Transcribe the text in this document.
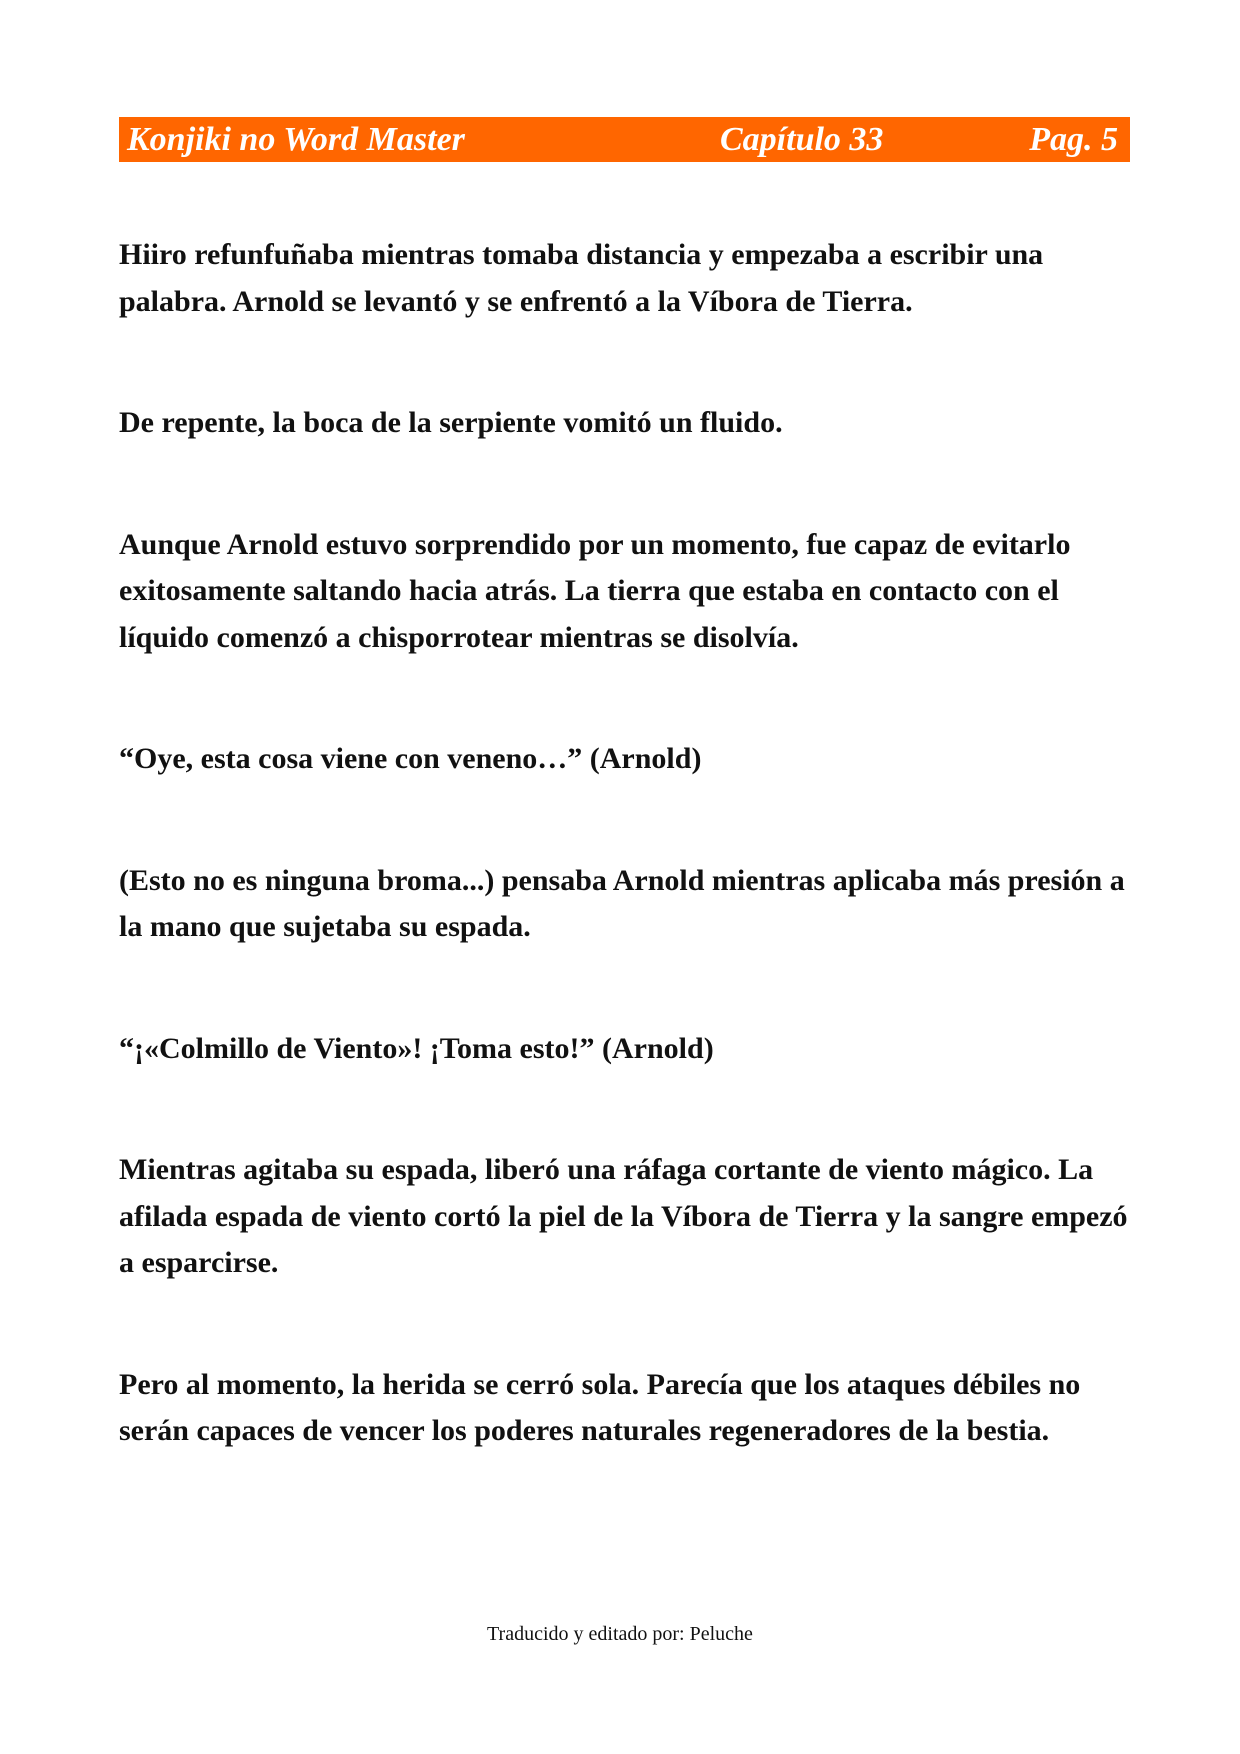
Konjiki no Word Master	Capítulo 33	Pag. 5

Hiiro refunfuñaba mientras tomaba distancia y empezaba a escribir una palabra. Arnold se levantó y se enfrentó a la Víbora de Tierra.

De repente, la boca de la serpiente vomitó un fluido.

Aunque Arnold estuvo sorprendido por un momento, fue capaz de evitarlo exitosamente saltando hacia atrás. La tierra que estaba en contacto con el líquido comenzó a chisporrotear mientras se disolvía.

“Oye, esta cosa viene con veneno…” (Arnold)

(Esto no es ninguna broma...) pensaba Arnold mientras aplicaba más presión a la mano que sujetaba su espada.

“¡«Colmillo de Viento»! ¡Toma esto!” (Arnold)

Mientras agitaba su espada, liberó una ráfaga cortante de viento mágico. La afilada espada de viento cortó la piel de la Víbora de Tierra y la sangre empezó a esparcirse.

Pero al momento, la herida se cerró sola. Parecía que los ataques débiles no serán capaces de vencer los poderes naturales regeneradores de la bestia.

Traducido y editado por: Peluche
